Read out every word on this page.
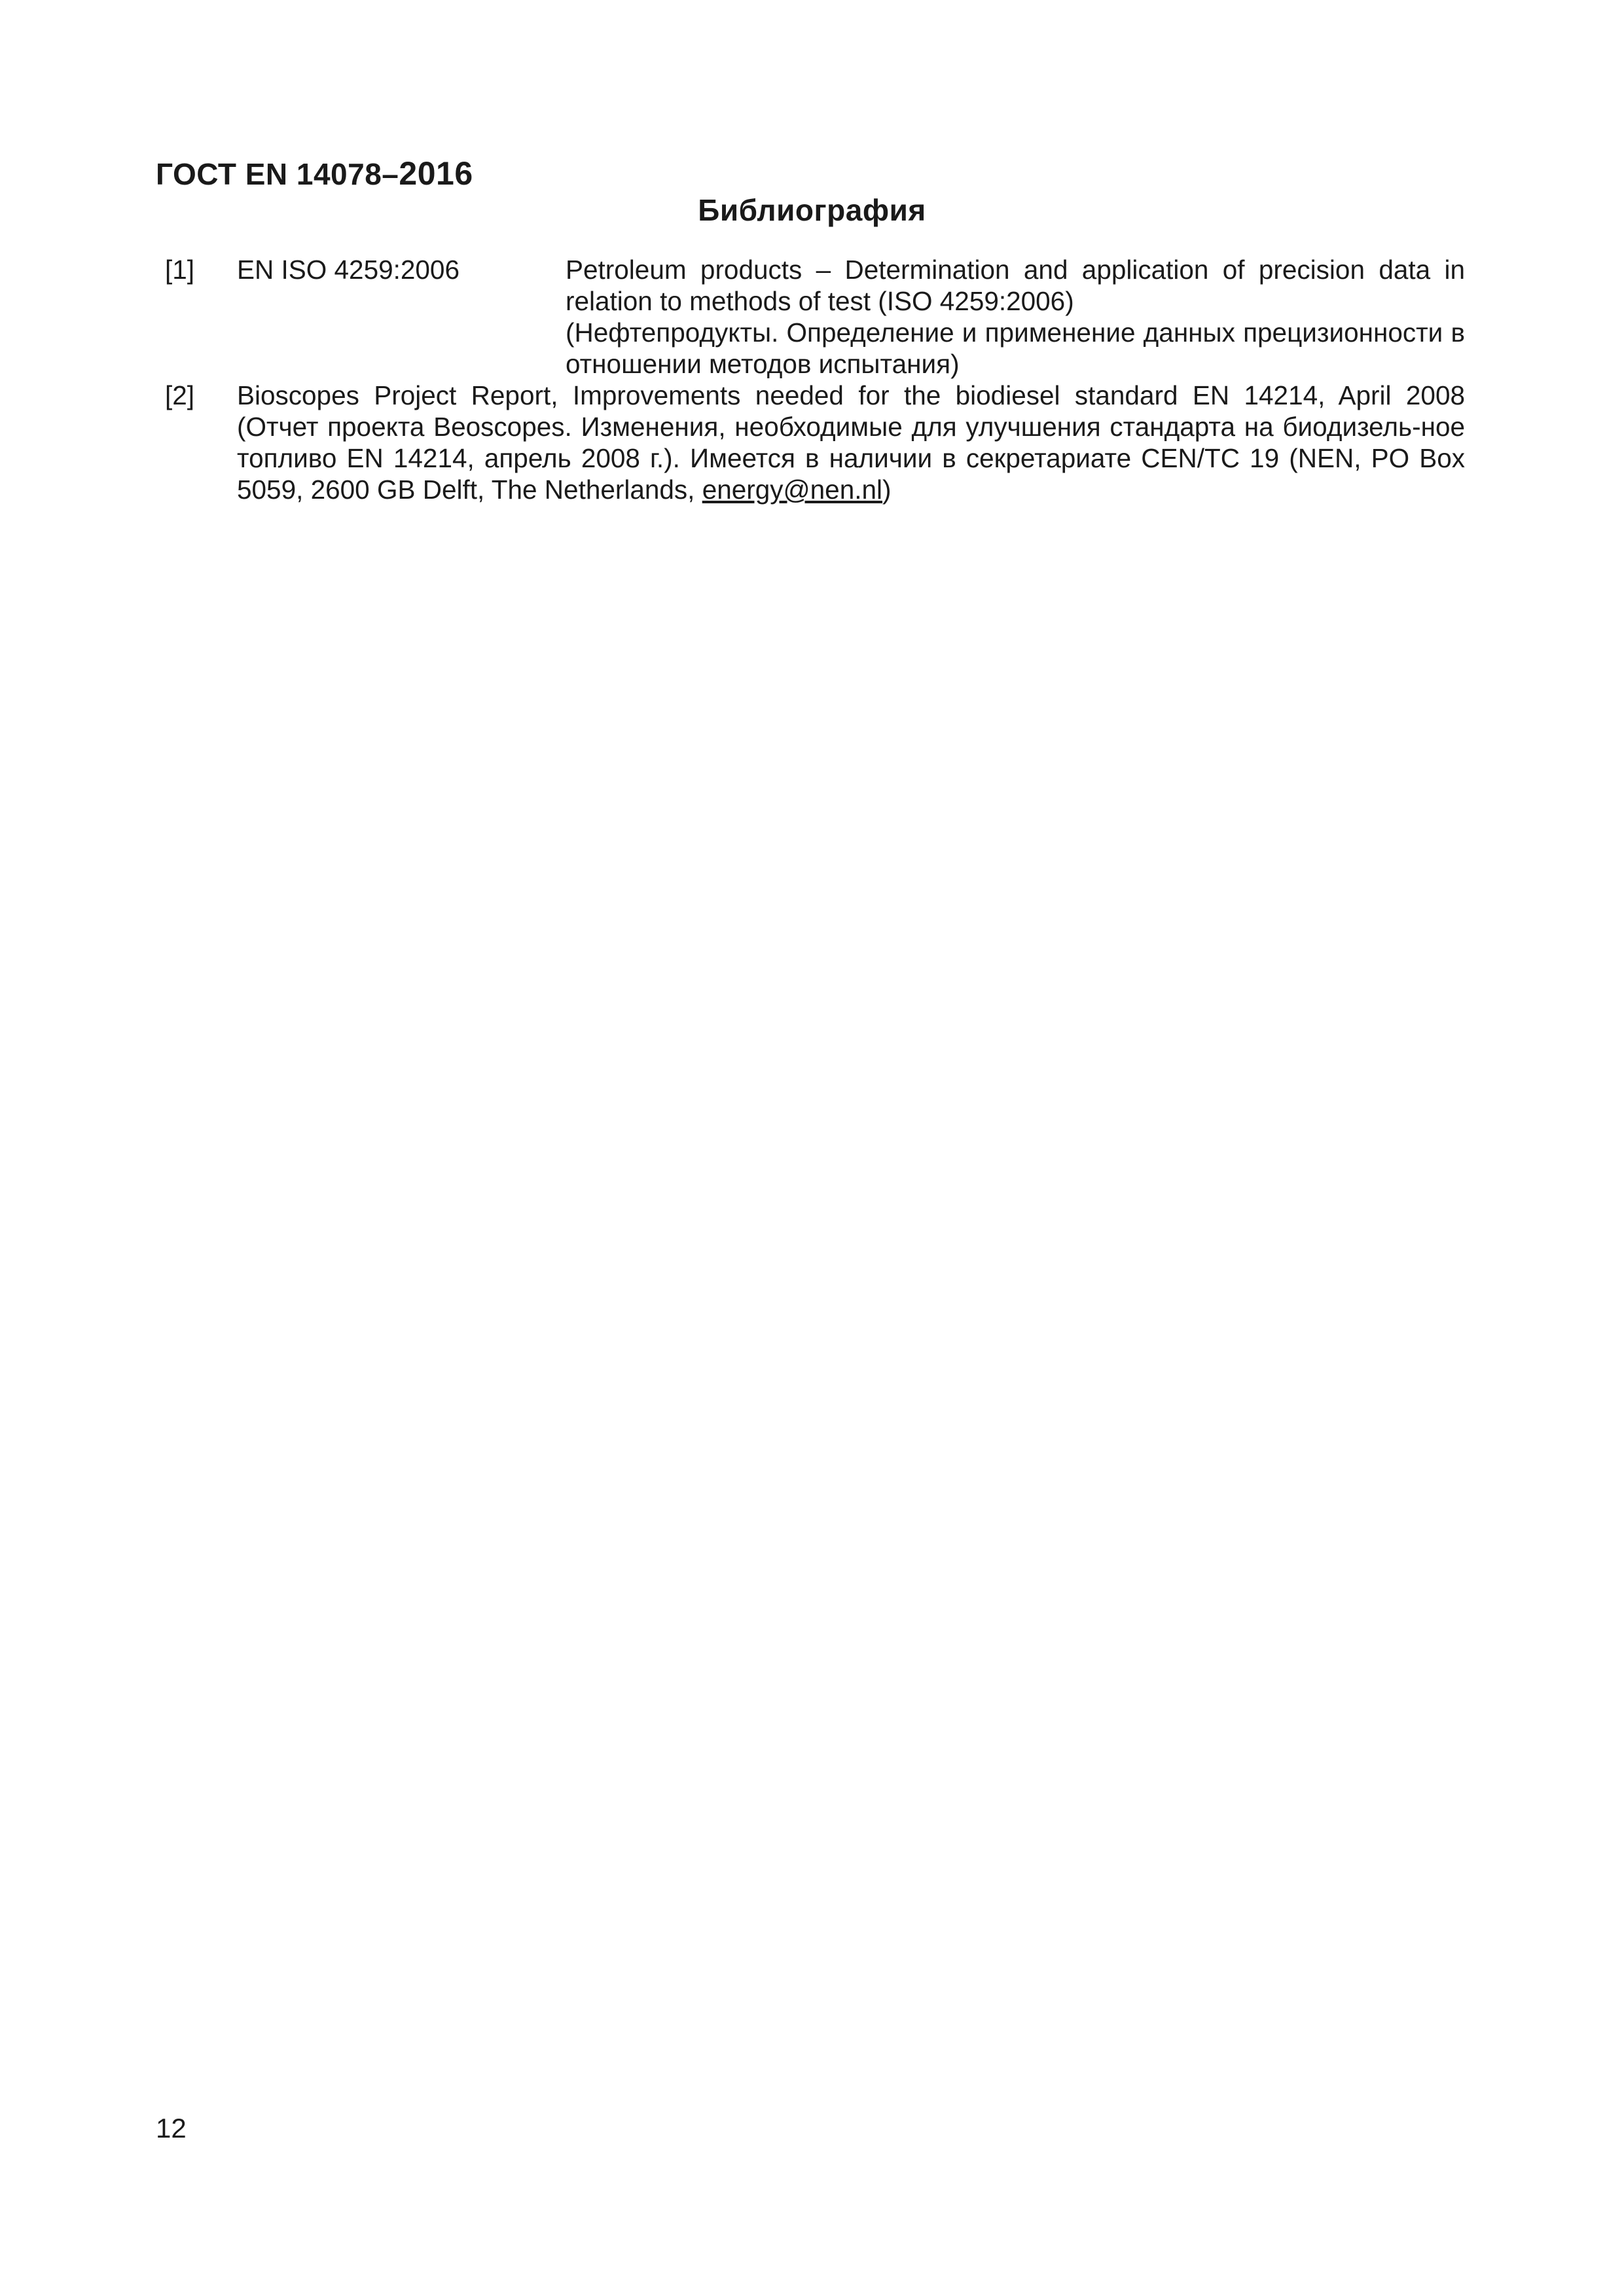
ГОСТ EN 14078–2016
Библиография
[1] EN ISO 4259:2006	Petroleum products – Determination and application of precision data in relation to methods of test (ISO 4259:2006)

(Нефтепродукты. Определение и применение данных прецизионности в отношении методов испытания)

[2] Bioscopes Project Report, Improvements needed for the biodiesel standard EN 14214, April 2008 (Отчет проекта Beoscopes. Изменения, необходимые для улучшения стандарта на биодизель-ное топливо EN 14214, апрель 2008 г.). Имеется в наличии в секретариате CEN/TC 19 (NEN, PO Box 5059, 2600 GB Delft, The Netherlands, energy@nen.nl)

12
